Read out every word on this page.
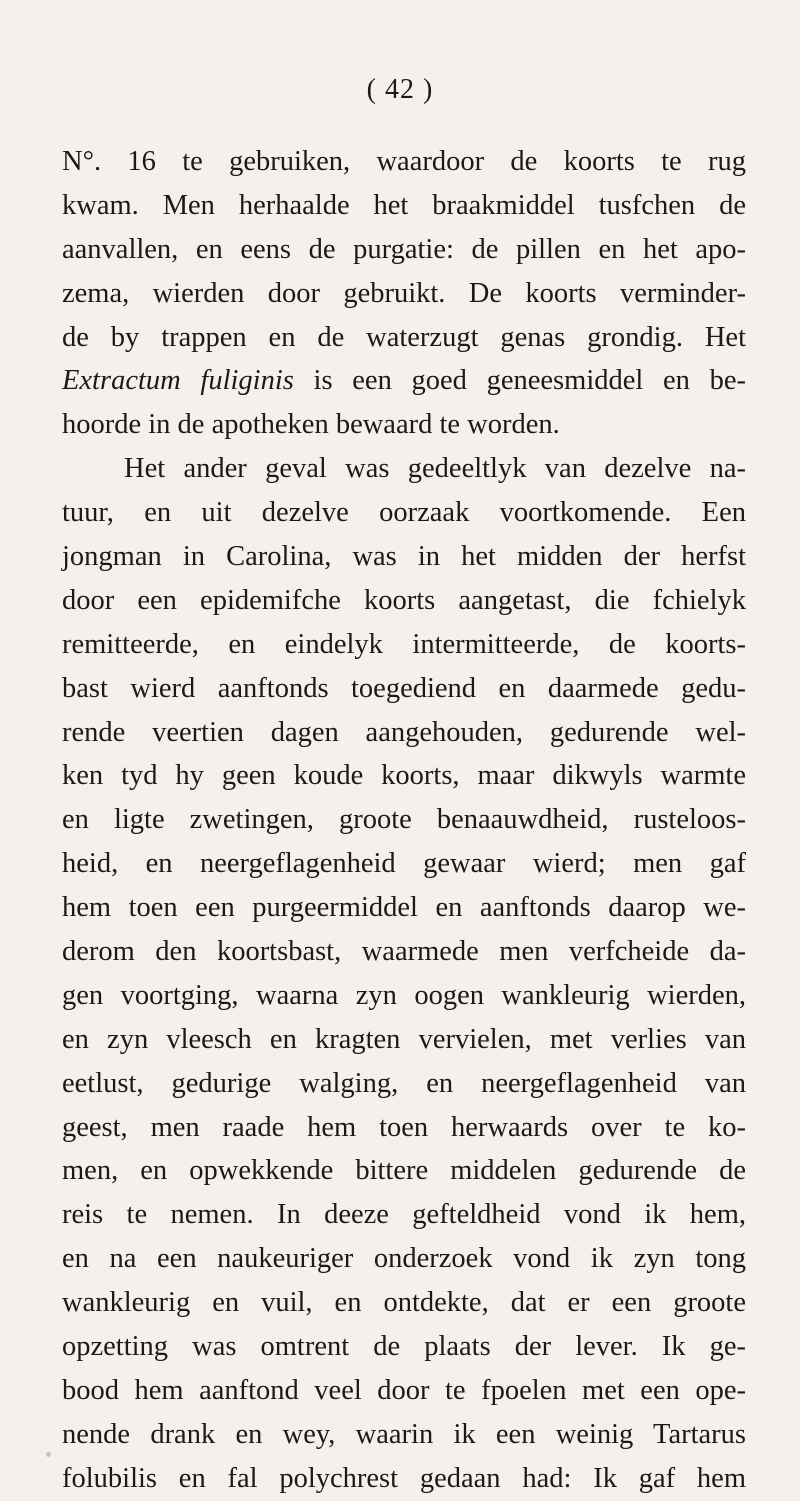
( 42 )
N°. 16 te gebruiken, waardoor de koorts te rug
kwam. Men herhaalde het braakmiddel tusfchen de
aanvallen, en eens de purgatie: de pillen en het apo-
zema, wierden door gebruikt. De koorts verminder-
de by trappen en de waterzugt genas grondig. Het
Extractum fuliginis is een goed geneesmiddel en be-
hoorde in de apotheken bewaard te worden.
Het ander geval was gedeeltlyk van dezelve na-
tuur, en uit dezelve oorzaak voortkomende. Een
jongman in Carolina, was in het midden der herfst
door een epidemifche koorts aangetast, die fchielyk
remitteerde, en eindelyk intermitteerde, de koorts-
bast wierd aanftonds toegediend en daarmede gedu-
rende veertien dagen aangehouden, gedurende wel-
ken tyd hy geen koude koorts, maar dikwyls warmte
en ligte zwetingen, groote benaauwdheid, rusteloos-
heid, en neergeflagenheid gewaar wierd; men gaf
hem toen een purgeermiddel en aanftonds daarop we-
derom den koortsbast, waarmede men verfcheide da-
gen voortging, waarna zyn oogen wankleurig wierden,
en zyn vleesch en kragten vervielen, met verlies van
eetlust, gedurige walging, en neergeflagenheid van
geest, men raade hem toen herwaards over te ko-
men, en opwekkende bittere middelen gedurende de
reis te nemen. In deeze gefteldheid vond ik hem,
en na een naukeuriger onderzoek vond ik zyn tong
wankleurig en vuil, en ontdekte, dat er een groote
opzetting was omtrent de plaats der lever. Ik ge-
bood hem aanftond veel door te fpoelen met een ope-
nende drank en wey, waarin ik een weinig Tartarus
folubilis en fal polychrest gedaan had: Ik gaf hem
